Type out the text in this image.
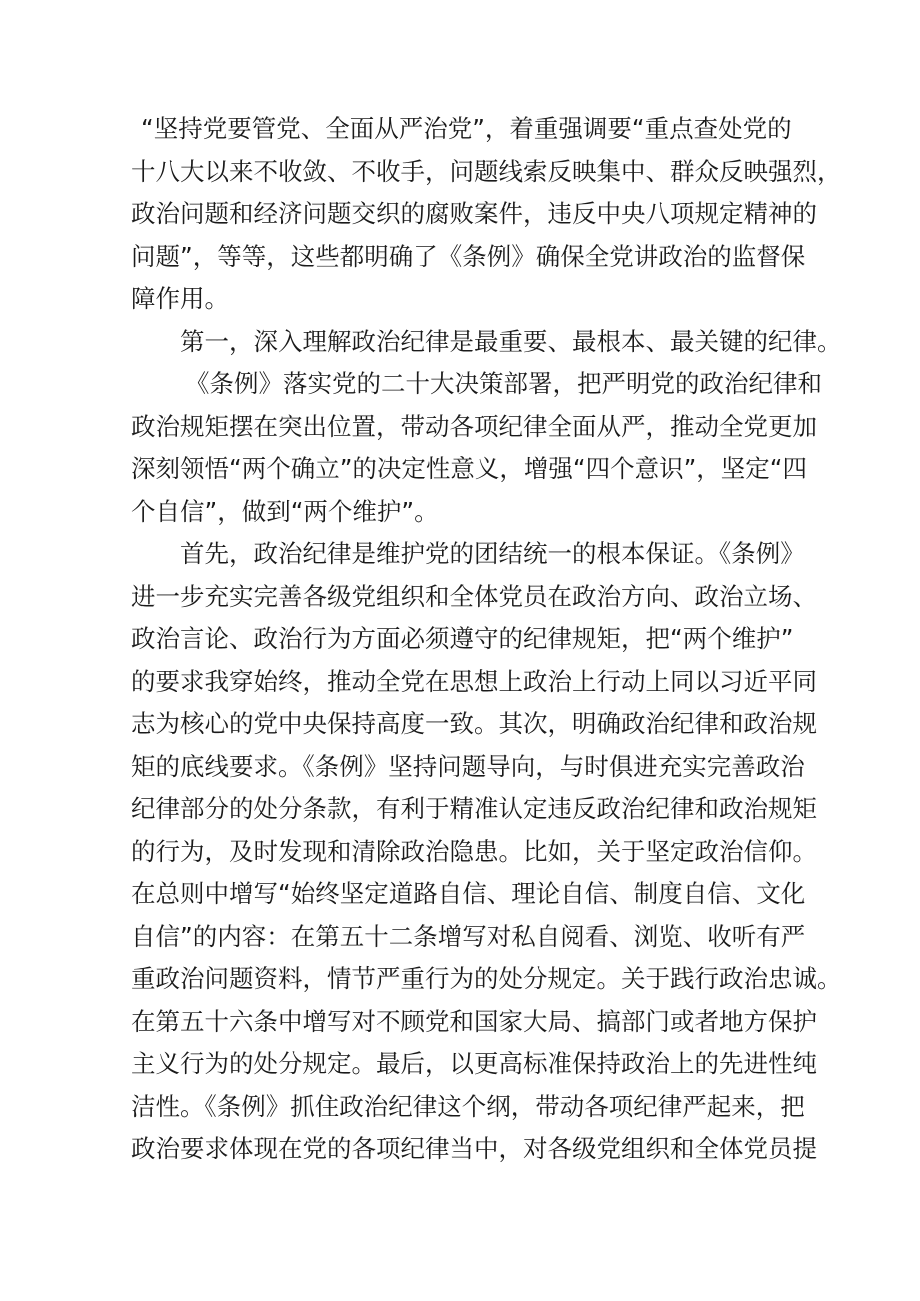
“坚持党要管党、全面从严治党”，着重强调要“重点查处党的
十八大以来不收敛、不收手，问题线索反映集中、群众反映强烈，
政治问题和经济问题交织的腐败案件，违反中央八项规定精神的
问题”，等等，这些都明确了《条例》确保全党讲政治的监督保
障作用。
第一，深入理解政治纪律是最重要、最根本、最关键的纪律。
《条例》落实党的二十大决策部署，把严明党的政治纪律和
政治规矩摆在突出位置，带动各项纪律全面从严，推动全党更加
深刻领悟“两个确立”的决定性意义，增强“四个意识”，坚定“四
个自信”，做到“两个维护”。
首先，政治纪律是维护党的团结统一的根本保证。《条例》
进一步充实完善各级党组织和全体党员在政治方向、政治立场、
政治言论、政治行为方面必须遵守的纪律规矩，把“两个维护”
的要求我穿始终，推动全党在思想上政治上行动上同以习近平同
志为核心的党中央保持高度一致。其次，明确政治纪律和政治规
矩的底线要求。《条例》坚持问题导向，与时俱进充实完善政治
纪律部分的处分条款，有利于精准认定违反政治纪律和政治规矩
的行为，及时发现和清除政治隐患。比如，关于坚定政治信仰。
在总则中增写“始终坚定道路自信、理论自信、制度自信、文化
自信”的内容：在第五十二条增写对私自阅看、浏览、收听有严
重政治问题资料，情节严重行为的处分规定。关于践行政治忠诚。
在第五十六条中增写对不顾党和国家大局、搞部门或者地方保护
主义行为的处分规定。最后，以更高标准保持政治上的先进性纯
洁性。《条例》抓住政治纪律这个纲，带动各项纪律严起来，把
政治要求体现在党的各项纪律当中，对各级党组织和全体党员提
